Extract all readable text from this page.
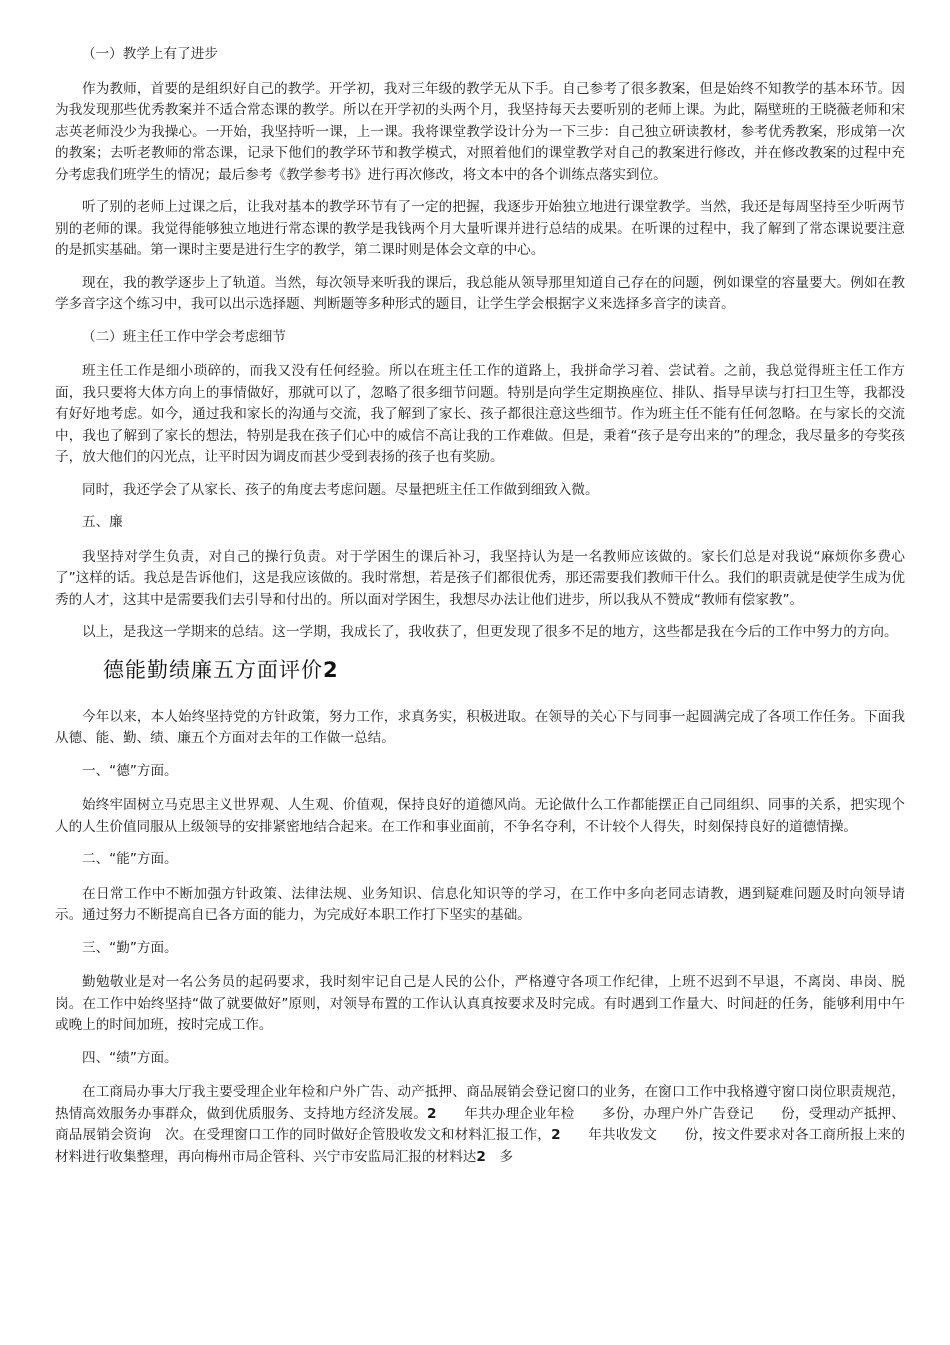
（一）教学上有了进步

作为教师，首要的是组织好自己的教学。开学初，我对三年级的教学无从下手。自己参考了很多教案，但是始终不知教学的基本环节。因为我发现那些优秀教案并不适合常态课的教学。所以在开学初的头两个月，我坚持每天去要听别的老师上课。为此，隔壁班的王晓薇老师和宋志英老师没少为我操心。一开始，我坚持听一课，上一课。我将课堂教学设计分为一下三步：自己独立研读教材，参考优秀教案，形成第一次的教案；去听老教师的常态课，记录下他们的教学环节和教学模式，对照着他们的课堂教学对自己的教案进行修改，并在修改教案的过程中充分考虑我们班学生的情况；最后参考《教学参考书》进行再次修改，将文本中的各个训练点落实到位。

听了别的老师上过课之后，让我对基本的教学环节有了一定的把握，我逐步开始独立地进行课堂教学。当然，我还是每周坚持至少听两节别的老师的课。我觉得能够独立地进行常态课的教学是我钱两个月大量听课并进行总结的成果。在听课的过程中，我了解到了常态课说要注意的是抓实基础。第一课时主要是进行生字的教学，第二课时则是体会文章的中心。

现在，我的教学逐步上了轨道。当然，每次领导来听我的课后，我总能从领导那里知道自己存在的问题，例如课堂的容量要大。例如在教学多音字这个练习中，我可以出示选择题、判断题等多种形式的题目，让学生学会根据字义来选择多音字的读音。

（二）班主任工作中学会考虑细节

班主任工作是细小琐碎的，而我又没有任何经验。所以在班主任工作的道路上，我拼命学习着、尝试着。之前，我总觉得班主任工作方面，我只要将大体方向上的事情做好，那就可以了，忽略了很多细节问题。特别是向学生定期换座位、排队、指导早读与打扫卫生等，我都没有好好地考虑。如今，通过我和家长的沟通与交流，我了解到了家长、孩子都很注意这些细节。作为班主任不能有任何忽略。在与家长的交流中，我也了解到了家长的想法，特别是我在孩子们心中的威信不高让我的工作难做。但是，秉着“孩子是夸出来的”的理念，我尽量多的夸奖孩子，放大他们的闪光点，让平时因为调皮而甚少受到表扬的孩子也有奖励。

同时，我还学会了从家长、孩子的角度去考虑问题。尽量把班主任工作做到细致入微。

五、廉

我坚持对学生负责，对自己的操行负责。对于学困生的课后补习，我坚持认为是一名教师应该做的。家长们总是对我说“麻烦你多费心了”这样的话。我总是告诉他们，这是我应该做的。我时常想，若是孩子们都很优秀，那还需要我们教师干什么。我们的职责就是使学生成为优秀的人才，这其中是需要我们去引导和付出的。所以面对学困生，我想尽办法让他们进步，所以我从不赞成“教师有偿家教”。

以上，是我这一学期来的总结。这一学期，我成长了，我收获了，但更发现了很多不足的地方，这些都是我在今后的工作中努力的方向。

德能勤绩廉五方面评价2

今年以来，本人始终坚持党的方针政策，努力工作，求真务实，积极进取。在领导的关心下与同事一起圆满完成了各项工作任务。下面我从德、能、勤、绩、廉五个方面对去年的工作做一总结。

一、“德”方面。

始终牢固树立马克思主义世界观、人生观、价值观，保持良好的道德风尚。无论做什么工作都能摆正自己同组织、同事的关系，把实现个人的人生价值同服从上级领导的安排紧密地结合起来。在工作和事业面前，不争名夺利，不计较个人得失，时刻保持良好的道德情操。

二、“能”方面。

在日常工作中不断加强方针政策、法律法规、业务知识、信息化知识等的学习，在工作中多向老同志请教，遇到疑难问题及时向领导请示。通过努力不断提高自已各方面的能力，为完成好本职工作打下坚实的基础。

三、“勤”方面。

勤勉敬业是对一名公务员的起码要求，我时刻牢记自己是人民的公仆，严格遵守各项工作纪律，上班不迟到不早退，不离岗、串岗、脱岗。在工作中始终坚持“做了就要做好”原则，对领导布置的工作认认真真按要求及时完成。有时遇到工作量大、时间赶的任务，能够利用中午或晚上的时间加班，按时完成工作。

四、“绩”方面。

在工商局办事大厅我主要受理企业年检和户外广告、动产抵押、商品展销会登记窗口的业务，在窗口工作中我格遵守窗口岗位职责规范，热情高效服务办事群众，做到优质服务、支持地方经济发展。2　　年共办理企业年检　　多份，办理户外广告登记　　份，受理动产抵押、商品展销会资询　次。在受理窗口工作的同时做好企管股收发文和材料汇报工作，2　　年共收发文　　份，按文件要求对各工商所报上来的材料进行收集整理，再向梅州市局企管科、兴宁市安监局汇报的材料达2　多
